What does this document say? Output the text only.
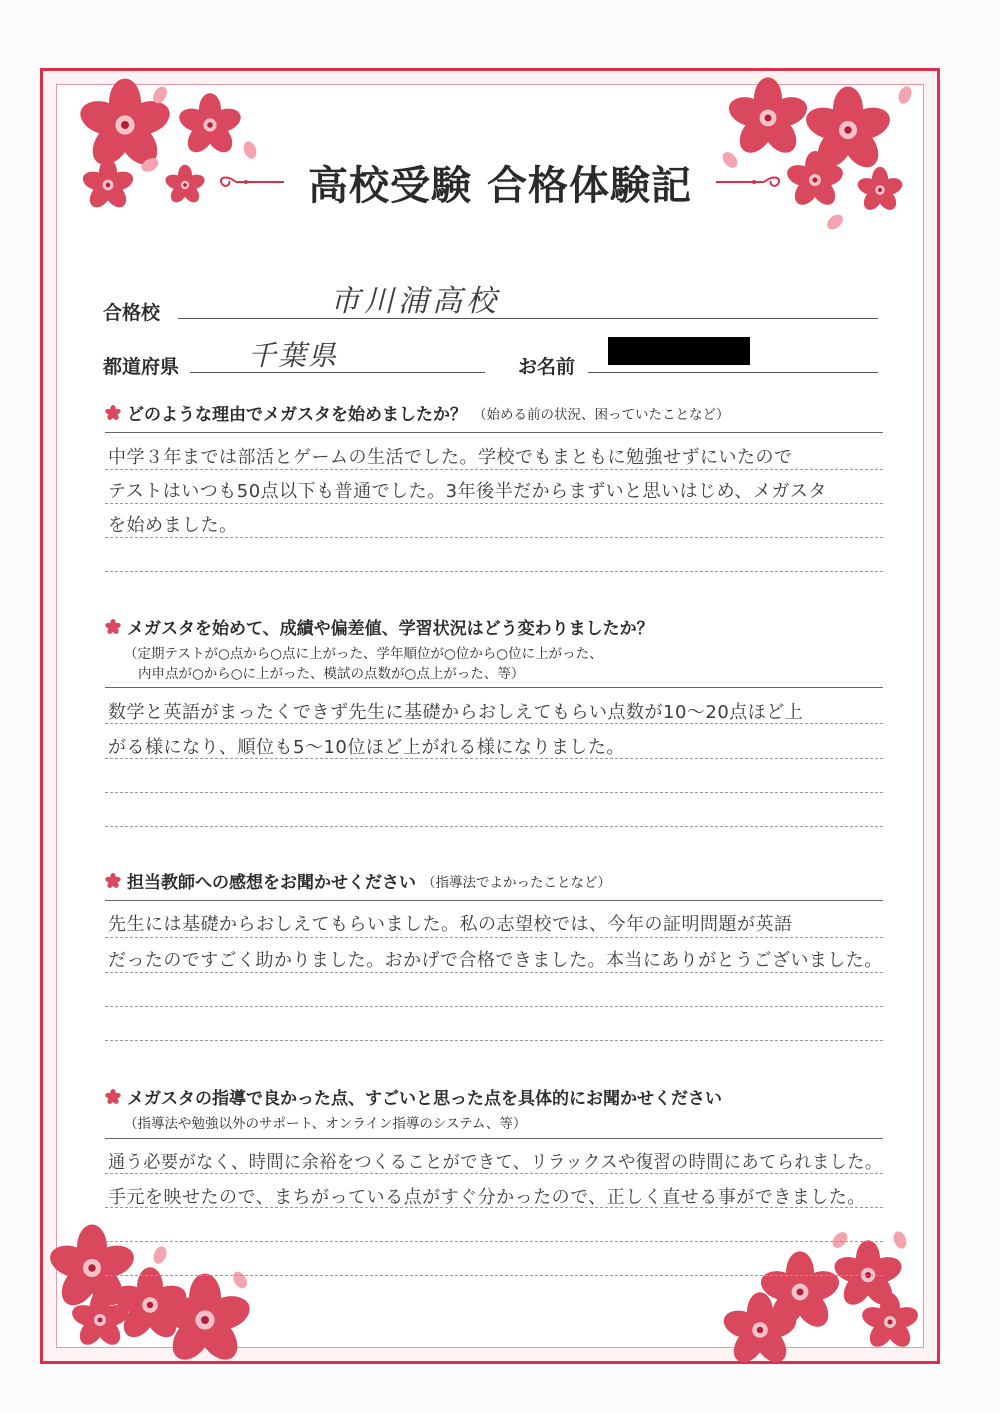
高校受験 合格体験記
合格校	市川浦高校
都道府県 千葉県	お名前
どのような理由でメガスタを始めましたか？ （始める前の状況、困っていたことなど）
中学３年までは部活とゲームの生活でした。学校でもまともに勉強せずにいたので
テストはいつも50点以下も普通でした。3年後半だからまずいと思いはじめ、メガスタ
を始めました。
メガスタを始めて、成績や偏差値、学習状況はどう変わりましたか？
（定期テストが○点から○点に上がった、学年順位が○位から○位に上がった、
内申点が○から○に上がった、模試の点数が○点上がった、等）
数学と英語がまったくできず先生に基礎からおしえてもらい点数が10～20点ほど上
がる様になり、順位も5～10位ほど上がれる様になりました。
担当教師への感想をお聞かせください （指導法でよかったことなど）
先生には基礎からおしえてもらいました。私の志望校では、今年の証明問題が英語
だったのですごく助かりました。おかげで合格できました。本当にありがとうございました。
メガスタの指導で良かった点、すごいと思った点を具体的にお聞かせください
（指導法や勉強以外のサポート、オンライン指導のシステム、等）
通う必要がなく、時間に余裕をつくることができて、リラックスや復習の時間にあてられました。
手元を映せたので、まちがっている点がすぐ分かったので、正しく直せる事ができました。
